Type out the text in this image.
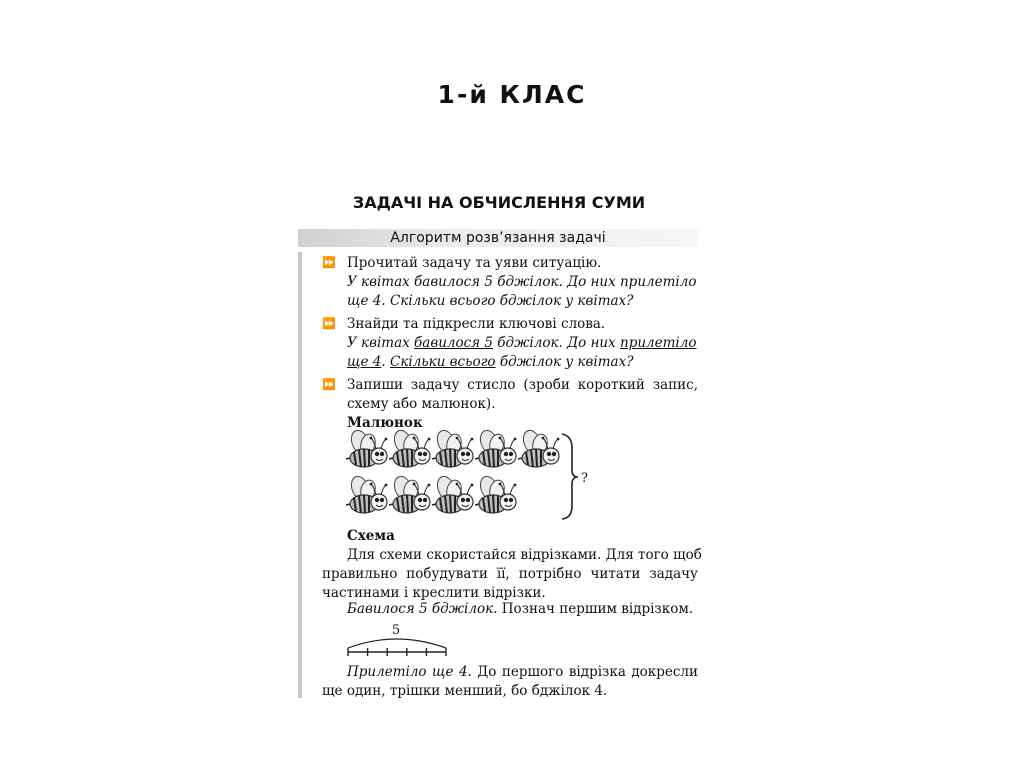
1-й КЛАС
ЗАДАЧІ НА ОБЧИСЛЕННЯ СУМИ
Алгоритм розв’язання задачі
⏩ Прочитай задачу та уяви ситуацію.
У квітах бавилося 5 бджілок. До них прилетіло
ще 4. Скільки всього бджілок у квітах?
⏩ Знайди та підкресли ключові слова.
У квітах бавилося 5 бджілок. До них прилетіло
ще 4. Скільки всього бджілок у квітах?
⏩ Запиши задачу стисло (зроби короткий запис,
схему або малюнок).
Малюнок
?
Схема
Для схеми скористайся відрізками. Для того щоб
правильно побудувати її, потрібно читати задачу
частинами і креслити відрізки.
Бавилося 5 бджілок. Познач першим відрізком.
5
Прилетіло ще 4. До першого відрізка докресли
ще один, трішки менший, бо бджілок 4.
